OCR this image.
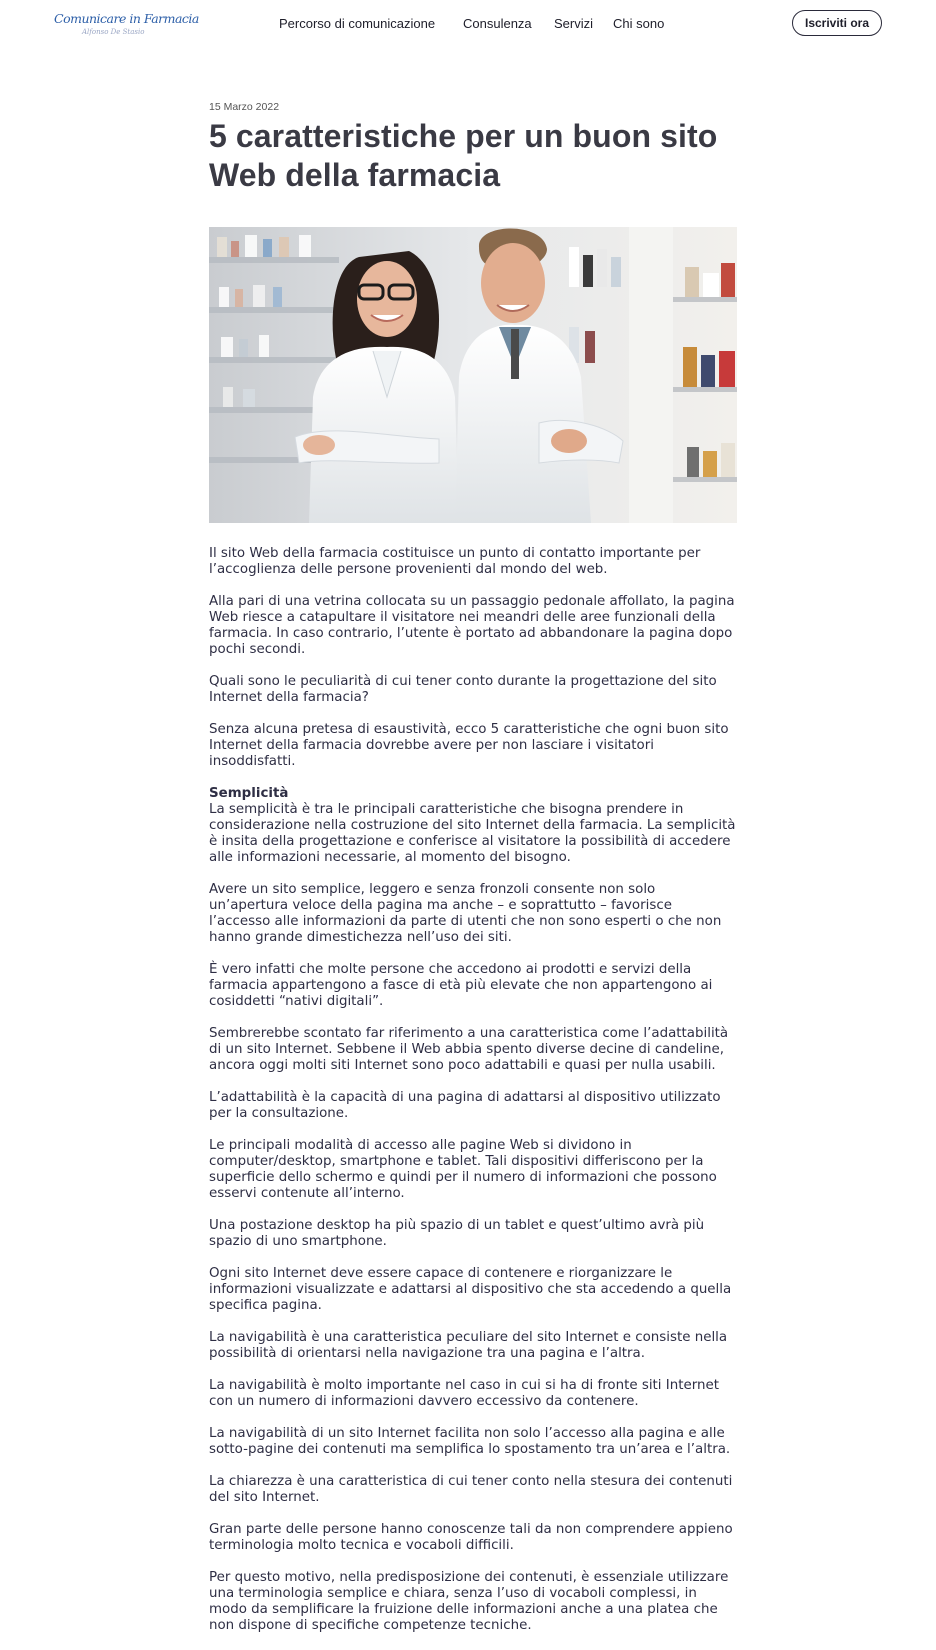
Comunicare in Farmacia
Alfonso De Stasio
Percorso di comunicazione Consulenza Servizi Chi sono	Iscriviti ora

15 Marzo 2022

5 caratteristiche per un buon sito Web della farmacia

Il sito Web della farmacia costituisce un punto di contatto importante per l’accoglienza delle persone provenienti dal mondo del web.

Alla pari di una vetrina collocata su un passaggio pedonale affollato, la pagina Web riesce a catapultare il visitatore nei meandri delle aree funzionali della farmacia. In caso contrario, l’utente è portato ad abbandonare la pagina dopo pochi secondi.

Quali sono le peculiarità di cui tener conto durante la progettazione del sito Internet della farmacia?

Senza alcuna pretesa di esaustività, ecco 5 caratteristiche che ogni buon sito Internet della farmacia dovrebbe avere per non lasciare i visitatori insoddisfatti.

Semplicità
La semplicità è tra le principali caratteristiche che bisogna prendere in considerazione nella costruzione del sito Internet della farmacia. La semplicità è insita della progettazione e conferisce al visitatore la possibilità di accedere alle informazioni necessarie, al momento del bisogno.

Avere un sito semplice, leggero e senza fronzoli consente non solo un’apertura veloce della pagina ma anche – e soprattutto – favorisce l’accesso alle informazioni da parte di utenti che non sono esperti o che non hanno grande dimestichezza nell’uso dei siti.

È vero infatti che molte persone che accedono ai prodotti e servizi della farmacia appartengono a fasce di età più elevate che non appartengono ai cosiddetti “nativi digitali”.

Sembrerebbe scontato far riferimento a una caratteristica come l’adattabilità di un sito Internet. Sebbene il Web abbia spento diverse decine di candeline, ancora oggi molti siti Internet sono poco adattabili e quasi per nulla usabili.

L’adattabilità è la capacità di una pagina di adattarsi al dispositivo utilizzato per la consultazione.

Le principali modalità di accesso alle pagine Web si dividono in computer/desktop, smartphone e tablet. Tali dispositivi differiscono per la superficie dello schermo e quindi per il numero di informazioni che possono esservi contenute all’interno.

Una postazione desktop ha più spazio di un tablet e quest’ultimo avrà più spazio di uno smartphone.

Ogni sito Internet deve essere capace di contenere e riorganizzare le informazioni visualizzate e adattarsi al dispositivo che sta accedendo a quella specifica pagina.

La navigabilità è una caratteristica peculiare del sito Internet e consiste nella possibilità di orientarsi nella navigazione tra una pagina e l’altra.

La navigabilità è molto importante nel caso in cui si ha di fronte siti Internet con un numero di informazioni davvero eccessivo da contenere.

La navigabilità di un sito Internet facilita non solo l’accesso alla pagina e alle sotto-pagine dei contenuti ma semplifica lo spostamento tra un’area e l’altra.

La chiarezza è una caratteristica di cui tener conto nella stesura dei contenuti del sito Internet.

Gran parte delle persone hanno conoscenze tali da non comprendere appieno terminologia molto tecnica e vocaboli difficili.

Per questo motivo, nella predisposizione dei contenuti, è essenziale utilizzare una terminologia semplice e chiara, senza l’uso di vocaboli complessi, in modo da semplificare la fruizione delle informazioni anche a una platea che non dispone di specifiche competenze tecniche.
